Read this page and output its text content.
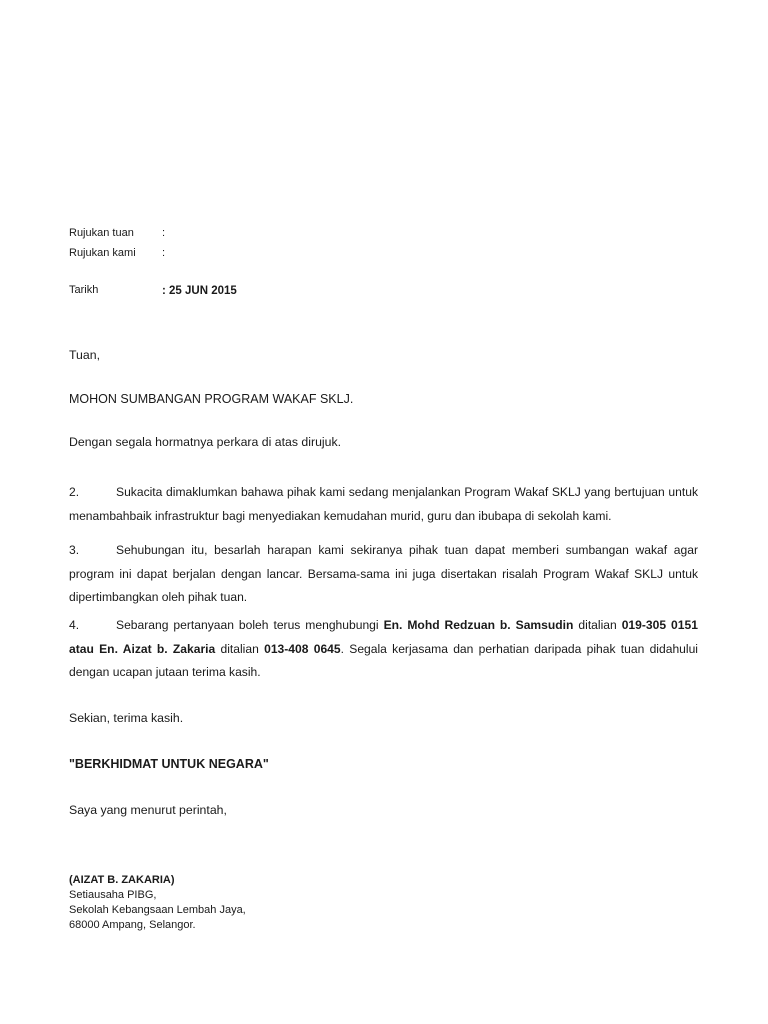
Rujukan tuan	:
Rujukan kami :
Tarikh	: 25 JUN 2015
Tuan,
MOHON SUMBANGAN PROGRAM WAKAF SKLJ.
Dengan segala hormatnya perkara di atas dirujuk.
2.	Sukacita dimaklumkan bahawa pihak kami sedang menjalankan Program Wakaf SKLJ yang bertujuan untuk menambahbaik infrastruktur bagi menyediakan kemudahan murid, guru dan ibubapa di sekolah kami.
3.	Sehubungan itu, besarlah harapan kami sekiranya pihak tuan dapat memberi sumbangan wakaf agar program ini dapat berjalan dengan lancar. Bersama-sama ini juga disertakan risalah Program Wakaf SKLJ untuk dipertimbangkan oleh pihak tuan.
4.	Sebarang pertanyaan boleh terus menghubungi En. Mohd Redzuan b. Samsudin ditalian 019-305 0151 atau En. Aizat b. Zakaria ditalian 013-408 0645. Segala kerjasama dan perhatian daripada pihak tuan didahului dengan ucapan jutaan terima kasih.
Sekian, terima kasih.
"BERKHIDMAT UNTUK NEGARA"
Saya yang menurut perintah,
(AIZAT B. ZAKARIA)
Setiausaha PIBG,
Sekolah Kebangsaan Lembah Jaya,
68000 Ampang, Selangor.
